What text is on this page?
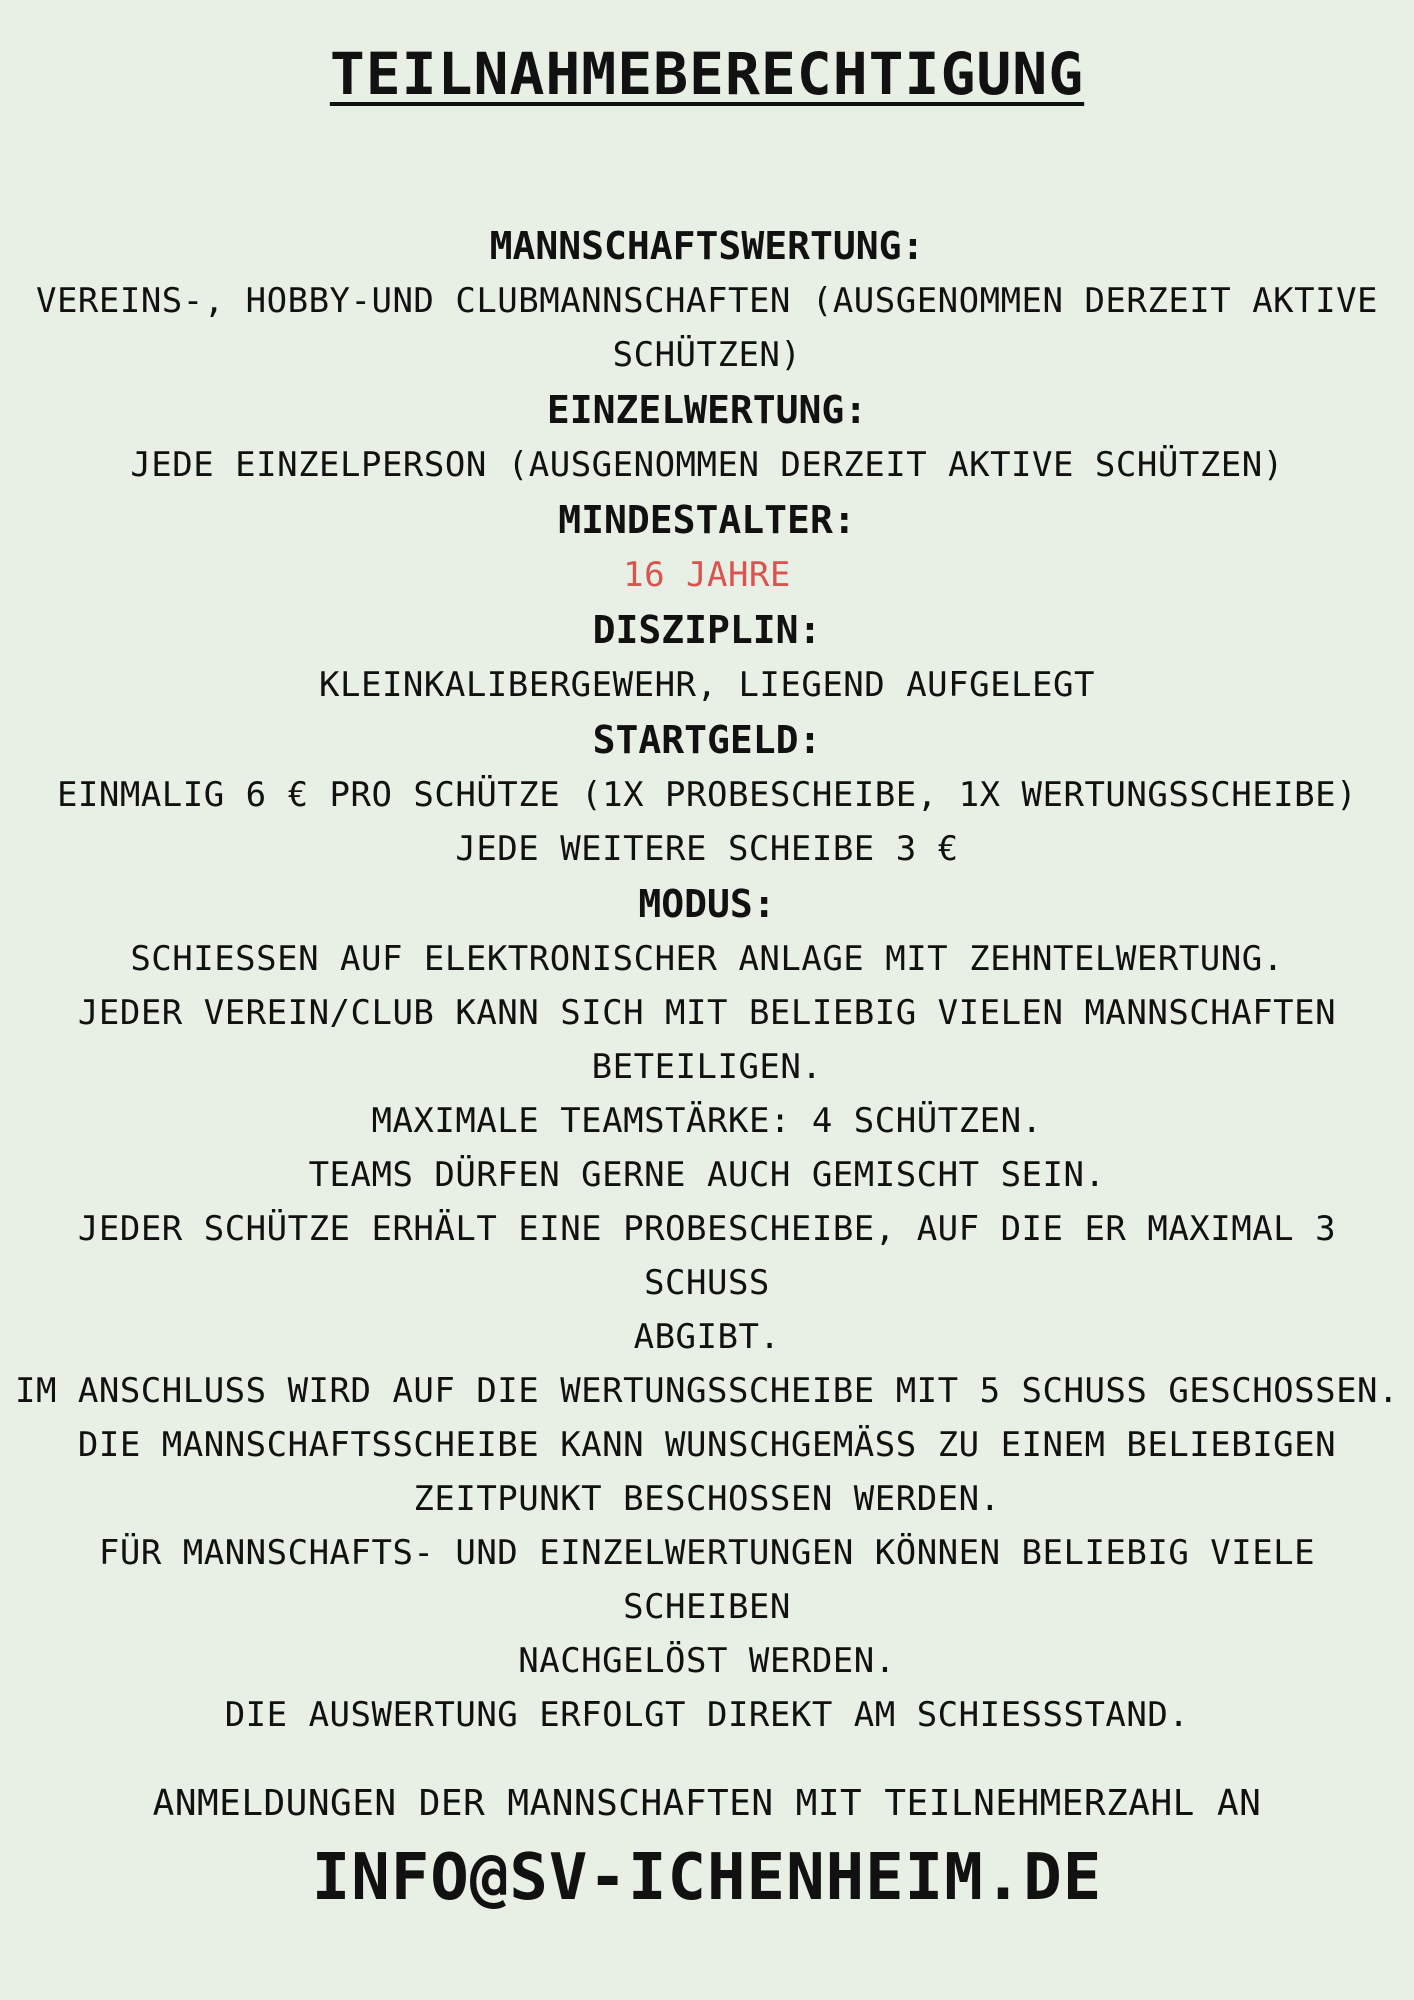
TEILNAHMEBERECHTIGUNG

MANNSCHAFTSWERTUNG:

VEREINS-, HOBBY-UND CLUBMANNSCHAFTEN (AUSGENOMMEN DERZEIT AKTIVE

SCHÜTZEN)

EINZELWERTUNG:

JEDE EINZELPERSON (AUSGENOMMEN DERZEIT AKTIVE SCHÜTZEN)

MINDESTALTER:

16 JAHRE

DISZIPLIN:

KLEINKALIBERGEWEHR, LIEGEND AUFGELEGT

STARTGELD:

EINMALIG 6 € PRO SCHÜTZE (1X PROBESCHEIBE, 1X WERTUNGSSCHEIBE)

JEDE WEITERE SCHEIBE 3 €

MODUS:

SCHIESSEN AUF ELEKTRONISCHER ANLAGE MIT ZEHNTELWERTUNG.

JEDER VEREIN/CLUB KANN SICH MIT BELIEBIG VIELEN MANNSCHAFTEN

BETEILIGEN.

MAXIMALE TEAMSTÄRKE: 4 SCHÜTZEN.

TEAMS DÜRFEN GERNE AUCH GEMISCHT SEIN.

JEDER SCHÜTZE ERHÄLT EINE PROBESCHEIBE, AUF DIE ER MAXIMAL 3 SCHUSS

ABGIBT.

IM ANSCHLUSS WIRD AUF DIE WERTUNGSSCHEIBE MIT 5 SCHUSS GESCHOSSEN.

DIE MANNSCHAFTSSCHEIBE KANN WUNSCHGEMÄSS ZU EINEM BELIEBIGEN

ZEITPUNKT BESCHOSSEN WERDEN.

FÜR MANNSCHAFTS- UND EINZELWERTUNGEN KÖNNEN BELIEBIG VIELE SCHEIBEN

NACHGELÖST WERDEN.

DIE AUSWERTUNG ERFOLGT DIREKT AM SCHIESSSTAND.

ANMELDUNGEN DER MANNSCHAFTEN MIT TEILNEHMERZAHL AN

INFO@SV-ICHENHEIM.DE
